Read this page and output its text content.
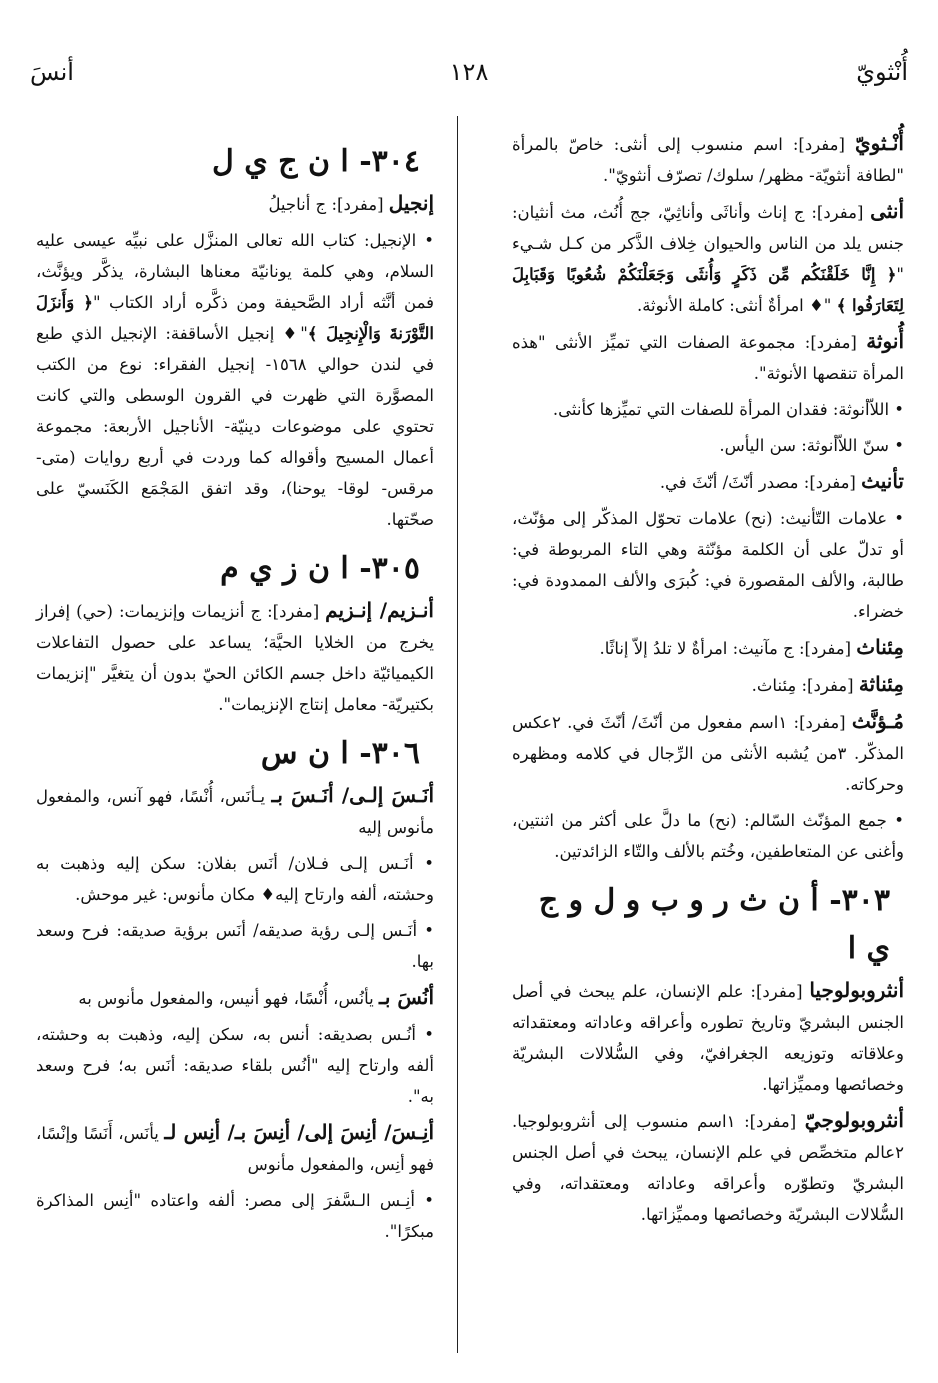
أُنْثويّ
١٢٨
أنسَ

أُنْـثويّ [مفرد]: اسم منسوب إلى أنثى: خاصّ بالمرأة "لطافة أنثويّة- مظهر/ سلوك/ تصرّف أنثويّ".

أنثى [مفرد]: ج إناث وأناثَى وأناثِيّ، جج أُنُث، مث أنثيان: جنس يلد من الناس والحيوان خِلاف الذَّكر من كـل شـيء "﴿ إِنَّا خَلَقْنَكُم مِّن ذَكَرٍ وَأُنثَى وَجَعَلْنَكُمْ شُعُوبًا وَقَبَابِلَ لِتَعَارَفُوا ﴾ "♦ امرأةٌ أنثى: كاملة الأنوثة.

أُنوثة [مفرد]: مجموعة الصفات التي تميِّز الأنثى "هذه المرأة تنقصها الأنوثة".

• اللاّأنوثة: فقدان المرأة للصفات التي تميِّزها كأنثى.

• سنّ اللاّأنوثة: سن اليأس.

تأنيث [مفرد]: مصدر أنّثَ/ أنّثَ في.

• علامات التّأنيث: (نح) علامات تحوّل المذكّر إلى مؤنّث، أو تدلّ على أن الكلمة مؤنّثة وهي التاء المربوطة في: طالبة، والألف المقصورة في: كُبرَى والألف الممدودة في: خضراء.

مِئناث [مفرد]: ج مآنيث: امرأةٌ لا تلدُ إلاّ إناثًا.

مِئناثة [مفرد]: مِئناث.

مُـؤنَّث [مفرد]: ١اسم مفعول من أنّثَ/ أنّثَ في. ٢عكس المذكّر. ٣من يُشبه الأنثى من الرِّجال في كلامه ومظهره وحركاته.

• جمع المؤنّث السّالم: (نح) ما دلَّ على أكثر من اثنتين، وأغنى عن المتعاطفين، وخُتم بالألف والتّاء الزائدتين.

٣٠٣- أ ن ث ر و ب و ل و ج ي ا

أنثروبولوجيا [مفرد]: علم الإنسان، علم يبحث في أصل الجنس البشريّ وتاريخ تطوره وأعراقه وعاداته ومعتقداته وعلاقاته وتوزيعه الجغرافيّ، وفي السُّلالات البشريّة وخصائصها ومميِّزاتها.

أنثروبولوجيّ [مفرد]: ١اسم منسوب إلى أنثروبولوجيا. ٢عالم متخصِّص في علم الإنسان، يبحث في أصل الجنس البشريّ وتطوّره وأعراقه وعاداته ومعتقداته، وفي السُّلالات البشريّة وخصائصها ومميِّزاتها.

٣٠٤- ا ن ج ي ل

إنجيل [مفرد]: ج أناجيلُ

• الإنجيل: كتاب الله تعالى المنزَّل على نبيِّه عيسى عليه السلام، وهي كلمة يونانيّة معناها البشارة، يذكَّر ويؤنَّث، فمن أنَّثه أراد الصَّحيفة ومن ذكَّره أراد الكتاب "﴿ وَأَنزَلَ التَّوْرَنةَ وَالْإِنجِيلَ ﴾"♦ إنجيل الأساقفة: الإنجيل الذي طبع في لندن حوالي ١٥٦٨- إنجيل الفقراء: نوع من الكتب المصوَّرة التي ظهرت في القرون الوسطى والتي كانت تحتوي على موضوعات دينيّة- الأناجيل الأربعة: مجموعة أعمال المسيح وأقواله كما وردت في أربع روايات (متى- مرقس- لوقا- يوحنا)، وقد اتفق المَجْمَع الكَنَسيّ على صحّتها.

٣٠٥- ا ن ز ي م

أنـزيم/ إنـزيم [مفرد]: ج أنزيمات وإنزيمات: (حي) إفراز يخرج من الخلايا الحيَّة؛ يساعد على حصول التفاعلات الكيميائيّة داخل جسم الكائن الحيّ بدون أن يتغيَّر "إنزيمات بكتيريّة- معامل إنتاج الإنزيمات".

٣٠٦- ا ن س

أنَـسَ إلـى/ أنَـسَ بـ يـأنَس، أُنْسًا، فهو آنس، والمفعول مأنوس إليه

• أنَـس إلـى فـلان/ أنَس بفلان: سكن إليه وذهبت به وحشته، ألفه وارتاح إليه♦ مكان مأنوس: غير موحش.

• أنَـس إلـى رؤية صديقه/ أنَس برؤية صديقه: فرح وسعد بها.

أنُسَ بـ يأنُس، أُنْسًا، فهو أنيس، والمفعول مأنوس به

• أنُـس بصديقه: أنس به، سكن إليه، وذهبت به وحشته، ألفه وارتاح إليه "أنُس بلقاء صديقه: أنَس به؛ فرح وسعد به".

أنِـسَ/ أنِسَ إلى/ أنِسَ بـ/ أنِس لـ يأنَس، أَنَسًا وإنْسًا، فهو أنِس، والمفعول مأنوس

• أنِـس الـسَّفرَ إلى مصر: ألفه واعتاده "أنِس المذاكرة مبكرًا".
